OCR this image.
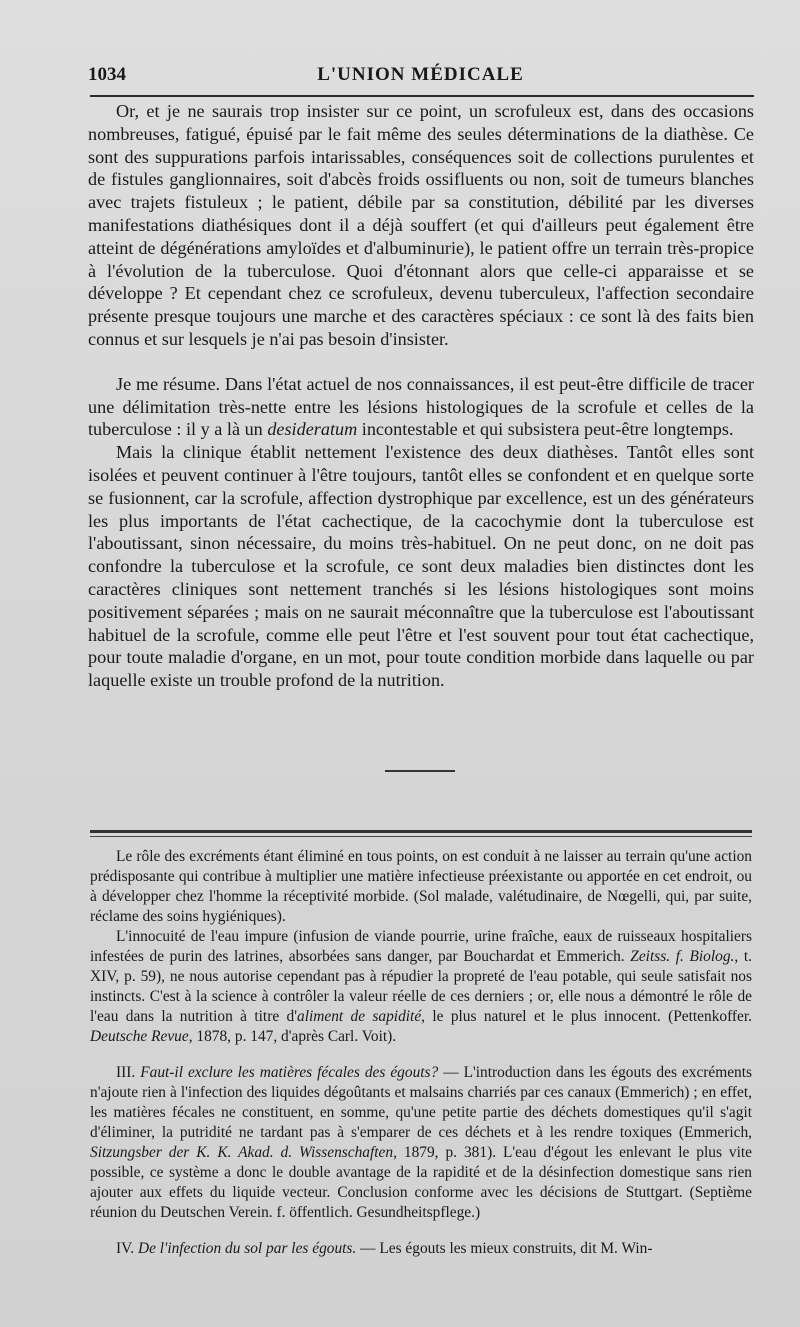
1034	L'UNION MÉDICALE

Or, et je ne saurais trop insister sur ce point, un scrofuleux est, dans des occasions nombreuses, fatigué, épuisé par le fait même des seules déterminations de la diathèse. Ce sont des suppurations parfois intarissables, conséquences soit de collections purulentes et de fistules ganglionnaires, soit d'abcès froids ossifluents ou non, soit de tumeurs blanches avec trajets fistuleux ; le patient, débile par sa constitution, débilité par les diverses manifestations diathésiques dont il a déjà souffert (et qui d'ailleurs peut également être atteint de dégénérations amyloïdes et d'albuminurie), le patient offre un terrain très-propice à l'évolution de la tuberculose. Quoi d'étonnant alors que celle-ci apparaisse et se développe ? Et cependant chez ce scrofuleux, devenu tuberculeux, l'affection secondaire présente presque toujours une marche et des caractères spéciaux : ce sont là des faits bien connus et sur lesquels je n'ai pas besoin d'insister.

Je me résume. Dans l'état actuel de nos connaissances, il est peut-être difficile de tracer une délimitation très-nette entre les lésions histologiques de la scrofule et celles de la tuberculose : il y a là un desideratum incontestable et qui subsistera peut-être longtemps.

Mais la clinique établit nettement l'existence des deux diathèses. Tantôt elles sont isolées et peuvent continuer à l'être toujours, tantôt elles se confondent et en quelque sorte se fusionnent, car la scrofule, affection dystrophique par excellence, est un des générateurs les plus importants de l'état cachectique, de la cacochymie dont la tuberculose est l'aboutissant, sinon nécessaire, du moins très-habituel. On ne peut donc, on ne doit pas confondre la tuberculose et la scrofule, ce sont deux maladies bien distinctes dont les caractères cliniques sont nettement tranchés si les lésions histologiques sont moins positivement séparées ; mais on ne saurait méconnaître que la tuberculose est l'aboutissant habituel de la scrofule, comme elle peut l'être et l'est souvent pour tout état cachectique, pour toute maladie d'organe, en un mot, pour toute condition morbide dans laquelle ou par laquelle existe un trouble profond de la nutrition.

Le rôle des excréments étant éliminé en tous points, on est conduit à ne laisser au terrain qu'une action prédisposante qui contribue à multiplier une matière infectieuse préexistante ou apportée en cet endroit, ou à développer chez l'homme la réceptivité morbide. (Sol malade, valétudinaire, de Nœgelli, qui, par suite, réclame des soins hygiéniques).

L'innocuité de l'eau impure (infusion de viande pourrie, urine fraîche, eaux de ruisseaux hospitaliers infestées de purin des latrines, absorbées sans danger, par Bouchardat et Emmerich. Zeitss. f. Biolog., t. XIV, p. 59), ne nous autorise cependant pas à répudier la propreté de l'eau potable, qui seule satisfait nos instincts. C'est à la science à contrôler la valeur réelle de ces derniers ; or, elle nous a démontré le rôle de l'eau dans la nutrition à titre d'aliment de sapidité, le plus naturel et le plus innocent. (Pettenkoffer. Deutsche Revue, 1878, p. 147, d'après Carl. Voit).

III. Faut-il exclure les matières fécales des égouts? — L'introduction dans les égouts des excréments n'ajoute rien à l'infection des liquides dégoûtants et malsains charriés par ces canaux (Emmerich) ; en effet, les matières fécales ne constituent, en somme, qu'une petite partie des déchets domestiques qu'il s'agit d'éliminer, la putridité ne tardant pas à s'emparer de ces déchets et à les rendre toxiques (Emmerich, Sitzungsber der K. K. Akad. d. Wissenschaften, 1879, p. 381). L'eau d'égout les enlevant le plus vite possible, ce système a donc le double avantage de la rapidité et de la désinfection domestique sans rien ajouter aux effets du liquide vecteur. Conclusion conforme avec les décisions de Stuttgart. (Septième réunion du Deutschen Verein. f. öffentlich. Gesundheitspflege.)

IV. De l'infection du sol par les égouts. — Les égouts les mieux construits, dit M. Win-
